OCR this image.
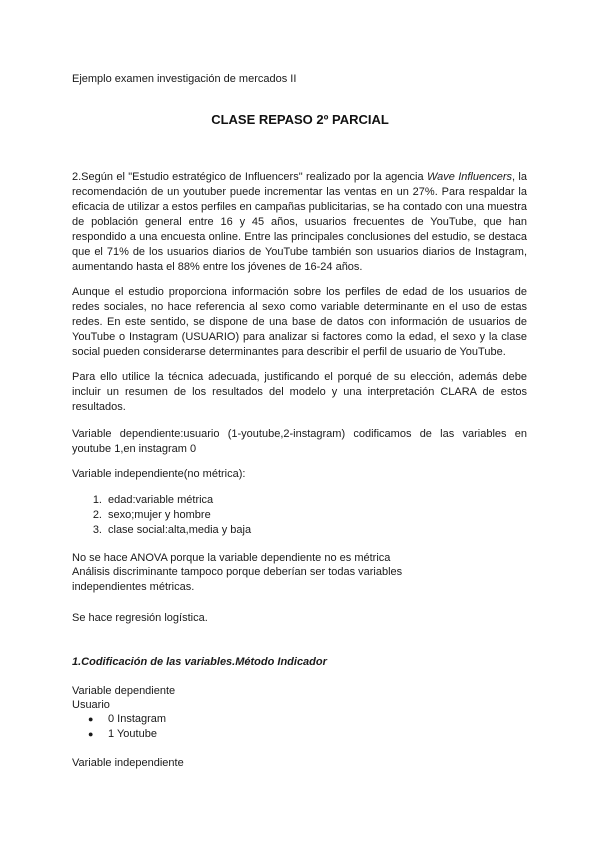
Ejemplo examen investigación de mercados II
CLASE REPASO 2º PARCIAL
2.Según el "Estudio estratégico de Influencers" realizado por la agencia Wave Influencers, la recomendación de un youtuber puede incrementar las ventas en un 27%. Para respaldar la eficacia de utilizar a estos perfiles en campañas publicitarias, se ha contado con una muestra de población general entre 16 y 45 años, usuarios frecuentes de YouTube, que han respondido a una encuesta online. Entre las principales conclusiones del estudio, se destaca que el 71% de los usuarios diarios de YouTube también son usuarios diarios de Instagram, aumentando hasta el 88% entre los jóvenes de 16-24 años.
Aunque el estudio proporciona información sobre los perfiles de edad de los usuarios de redes sociales, no hace referencia al sexo como variable determinante en el uso de estas redes. En este sentido, se dispone de una base de datos con información de usuarios de YouTube o Instagram (USUARIO) para analizar si factores como la edad, el sexo y la clase social pueden considerarse determinantes para describir el perfil de usuario de YouTube.
Para ello utilice la técnica adecuada, justificando el porqué de su elección, además debe incluir un resumen de los resultados del modelo y una interpretación CLARA de estos resultados.
Variable dependiente:usuario (1-youtube,2-instagram) codificamos de las variables en youtube 1,en instagram 0
Variable independiente(no métrica):
1. edad:variable métrica
2. sexo;mujer y hombre
3. clase social:alta,media y baja
No se hace ANOVA porque la variable dependiente no es métrica
Análisis discriminante tampoco porque deberían ser todas variables independientes métricas.
Se hace regresión logística.
1.Codificación de las variables.Método Indicador
Variable dependiente
Usuario
●	0 Instagram
●	1 Youtube
Variable independiente
